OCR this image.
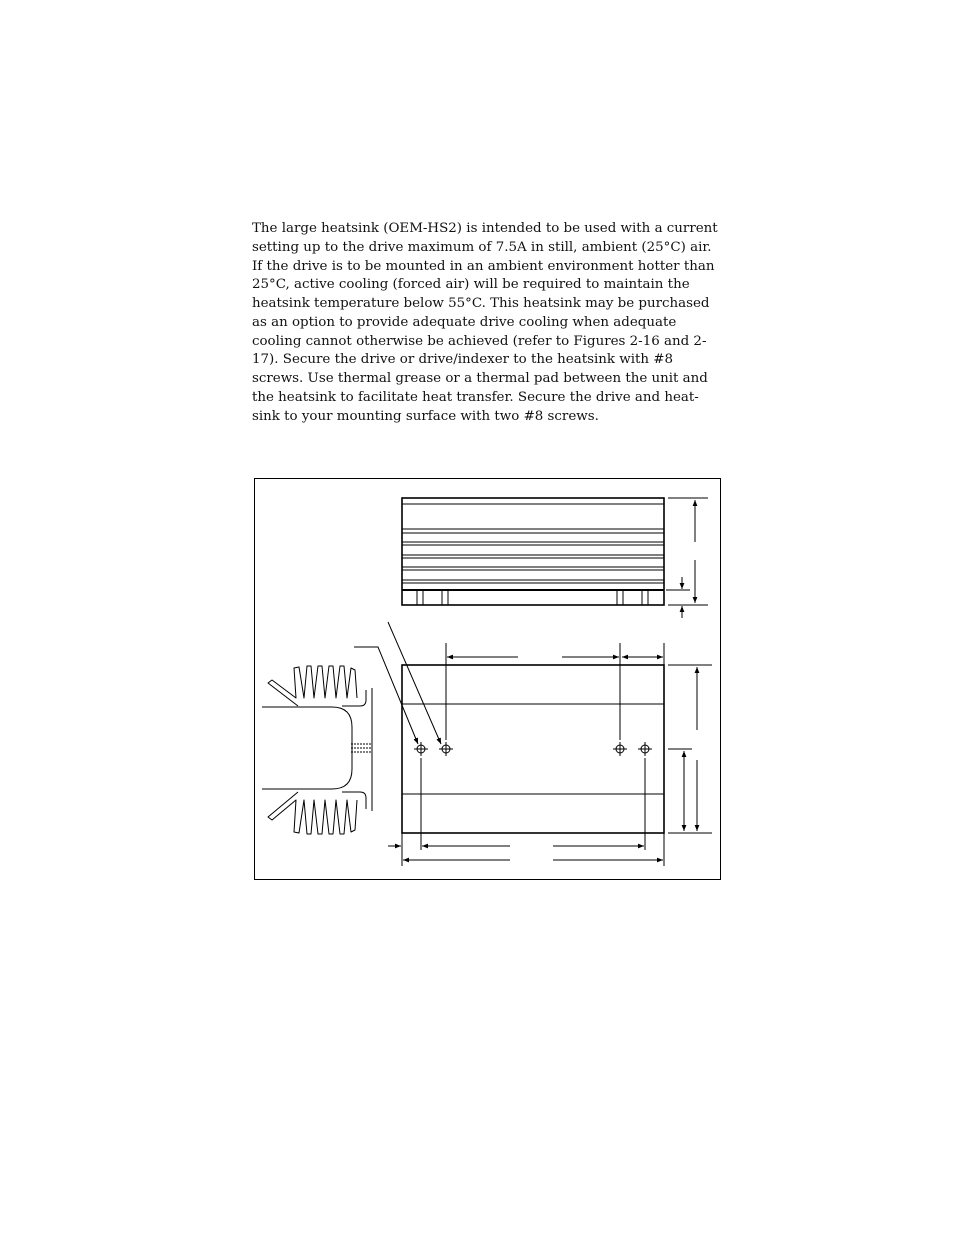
The large heatsink (OEM-HS2) is intended to be used with a current
setting up to the drive maximum of 7.5A in still, ambient (25°C) air.
If the drive is to be mounted in an ambient environment hotter than
25°C, active cooling (forced air) will be required to maintain the
heatsink temperature below 55°C. This heatsink may be purchased
as an option to provide adequate drive cooling when adequate
cooling cannot otherwise be achieved (refer to Figures 2-16 and 2-
17). Secure the drive or drive/indexer to the heatsink with #8
screws. Use thermal grease or a thermal pad between the unit and
the heatsink to facilitate heat transfer. Secure the drive and heat-
sink to your mounting surface with two #8 screws.
